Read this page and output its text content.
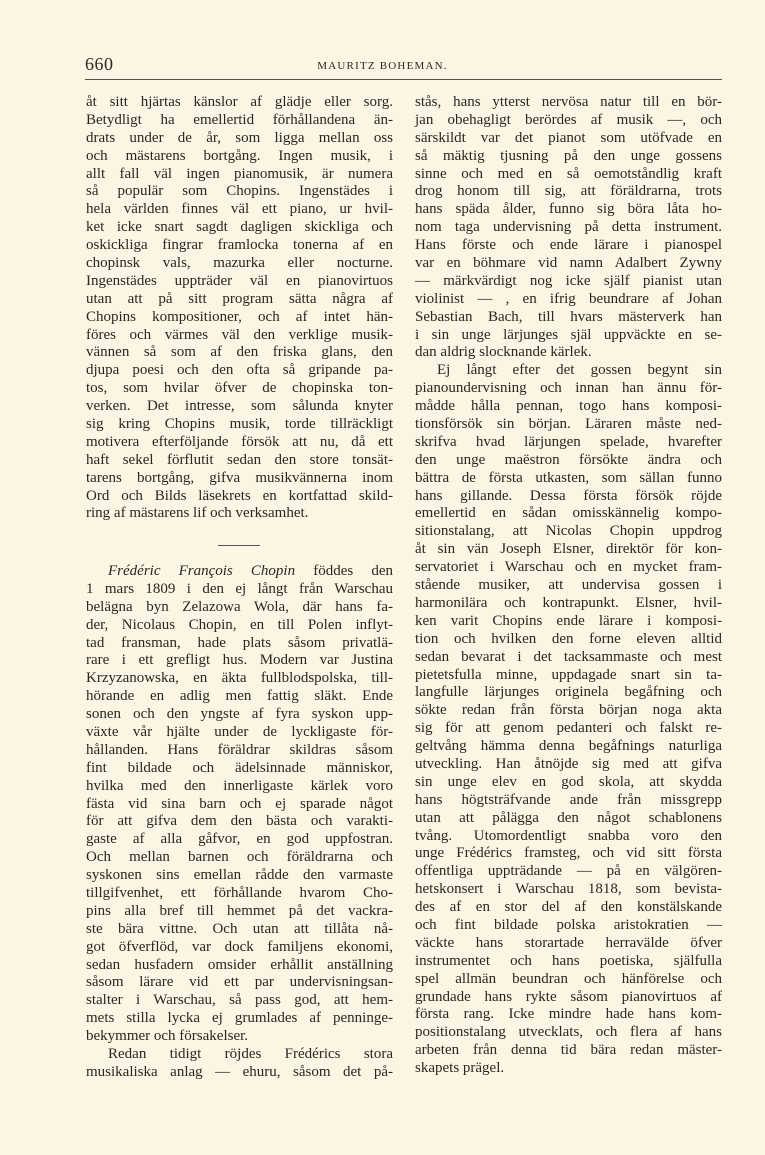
660	MAURITZ BOHEMAN.
åt sitt hjärtas känslor af glädje eller sorg.
Betydligt ha emellertid förhållandena än-
drats under de år, som ligga mellan oss
och mästarens bortgång. Ingen musik, i
allt fall väl ingen pianomusik, är numera
så populär som Chopins. Ingenstädes i
hela världen finnes väl ett piano, ur hvil-
ket icke snart sagdt dagligen skickliga och
oskickliga fingrar framlocka tonerna af en
chopinsk vals, mazurka eller nocturne.
Ingenstädes uppträder väl en pianovirtuos
utan att på sitt program sätta några af
Chopins kompositioner, och af intet hän-
föres och värmes väl den verklige musik-
vännen så som af den friska glans, den
djupa poesi och den ofta så gripande pa-
tos, som hvilar öfver de chopinska ton-
verken. Det intresse, som sålunda knyter
sig kring Chopins musik, torde tillräckligt
motivera efterföljande försök att nu, då ett
haft sekel förflutit sedan den store tonsät-
tarens bortgång, gifva musikvännerna inom
Ord och Bilds läsekrets en kortfattad skild-
ring af mästarens lif och verksamhet.
Frédéric François Chopin föddes den
1 mars 1809 i den ej långt från Warschau
belägna byn Zelazowa Wola, där hans fa-
der, Nicolaus Chopin, en till Polen inflyt-
tad fransman, hade plats såsom privatlä-
rare i ett grefligt hus. Modern var Justina
Krzyzanowska, en äkta fullblodspolska, till-
hörande en adlig men fattig släkt. Ende
sonen och den yngste af fyra syskon upp-
växte vår hjälte under de lyckligaste för-
hållanden. Hans föräldrar skildras såsom
fint bildade och ädelsinnade människor,
hvilka med den innerligaste kärlek voro
fästa vid sina barn och ej sparade något
för att gifva dem den bästa och varakti-
gaste af alla gåfvor, en god uppfostran.
Och mellan barnen och föräldrarna och
syskonen sins emellan rådde den varmaste
tillgifvenhet, ett förhållande hvarom Cho-
pins alla bref till hemmet på det vackra-
ste bära vittne. Och utan att tillåta nå-
got öfverflöd, var dock familjens ekonomi,
sedan husfadern omsider erhållit anställning
såsom lärare vid ett par undervisningsan-
stalter i Warschau, så pass god, att hem-
mets stilla lycka ej grumlades af penninge-
bekymmer och försakelser.
Redan tidigt röjdes Frédérics stora
musikaliska anlag — ehuru, såsom det på-
stås, hans ytterst nervösa natur till en bör-
jan obehagligt berördes af musik —, och
särskildt var det pianot som utöfvade en
så mäktig tjusning på den unge gossens
sinne och med en så oemotståndlig kraft
drog honom till sig, att föräldrarna, trots
hans späda ålder, funno sig böra låta ho-
nom taga undervisning på detta instrument.
Hans förste och ende lärare i pianospel
var en böhmare vid namn Adalbert Zywny
— märkvärdigt nog icke själf pianist utan
violinist — , en ifrig beundrare af Johan
Sebastian Bach, till hvars mästerverk han
i sin unge lärjunges själ uppväckte en se-
dan aldrig slocknande kärlek.
Ej långt efter det gossen begynt sin
pianoundervisning och innan han ännu för-
mådde hålla pennan, togo hans komposi-
tionsförsök sin början. Läraren måste ned-
skrifva hvad lärjungen spelade, hvarefter
den unge maëstron försökte ändra och
bättra de första utkasten, som sällan funno
hans gillande. Dessa första försök röjde
emellertid en sådan omisskännelig kompo-
sitionstalang, att Nicolas Chopin uppdrog
åt sin vän Joseph Elsner, direktör för kon-
servatoriet i Warschau och en mycket fram-
stående musiker, att undervisa gossen i
harmonilära och kontrapunkt. Elsner, hvil-
ken varit Chopins ende lärare i komposi-
tion och hvilken den forne eleven alltid
sedan bevarat i det tacksammaste och mest
pietetsfulla minne, uppdagade snart sin ta-
langfulle lärjunges originela begåfning och
sökte redan från första början noga akta
sig för att genom pedanteri och falskt re-
geltvång hämma denna begåfnings naturliga
utveckling. Han åtnöjde sig med att gifva
sin unge elev en god skola, att skydda
hans högtsträfvande ande från missgrepp
utan att pålägga den något schablonens
tvång. Utomordentligt snabba voro den
unge Frédérics framsteg, och vid sitt första
offentliga uppträdande — på en välgören-
hetskonsert i Warschau 1818, som bevista-
des af en stor del af den konstälskande
och fint bildade polska aristokratien —
väckte hans storartade herravälde öfver
instrumentet och hans poetiska, själfulla
spel allmän beundran och hänförelse och
grundade hans rykte såsom pianovirtuos af
första rang. Icke mindre hade hans kom-
positionstalang utvecklats, och flera af hans
arbeten från denna tid bära redan mäster-
skapets prägel.
